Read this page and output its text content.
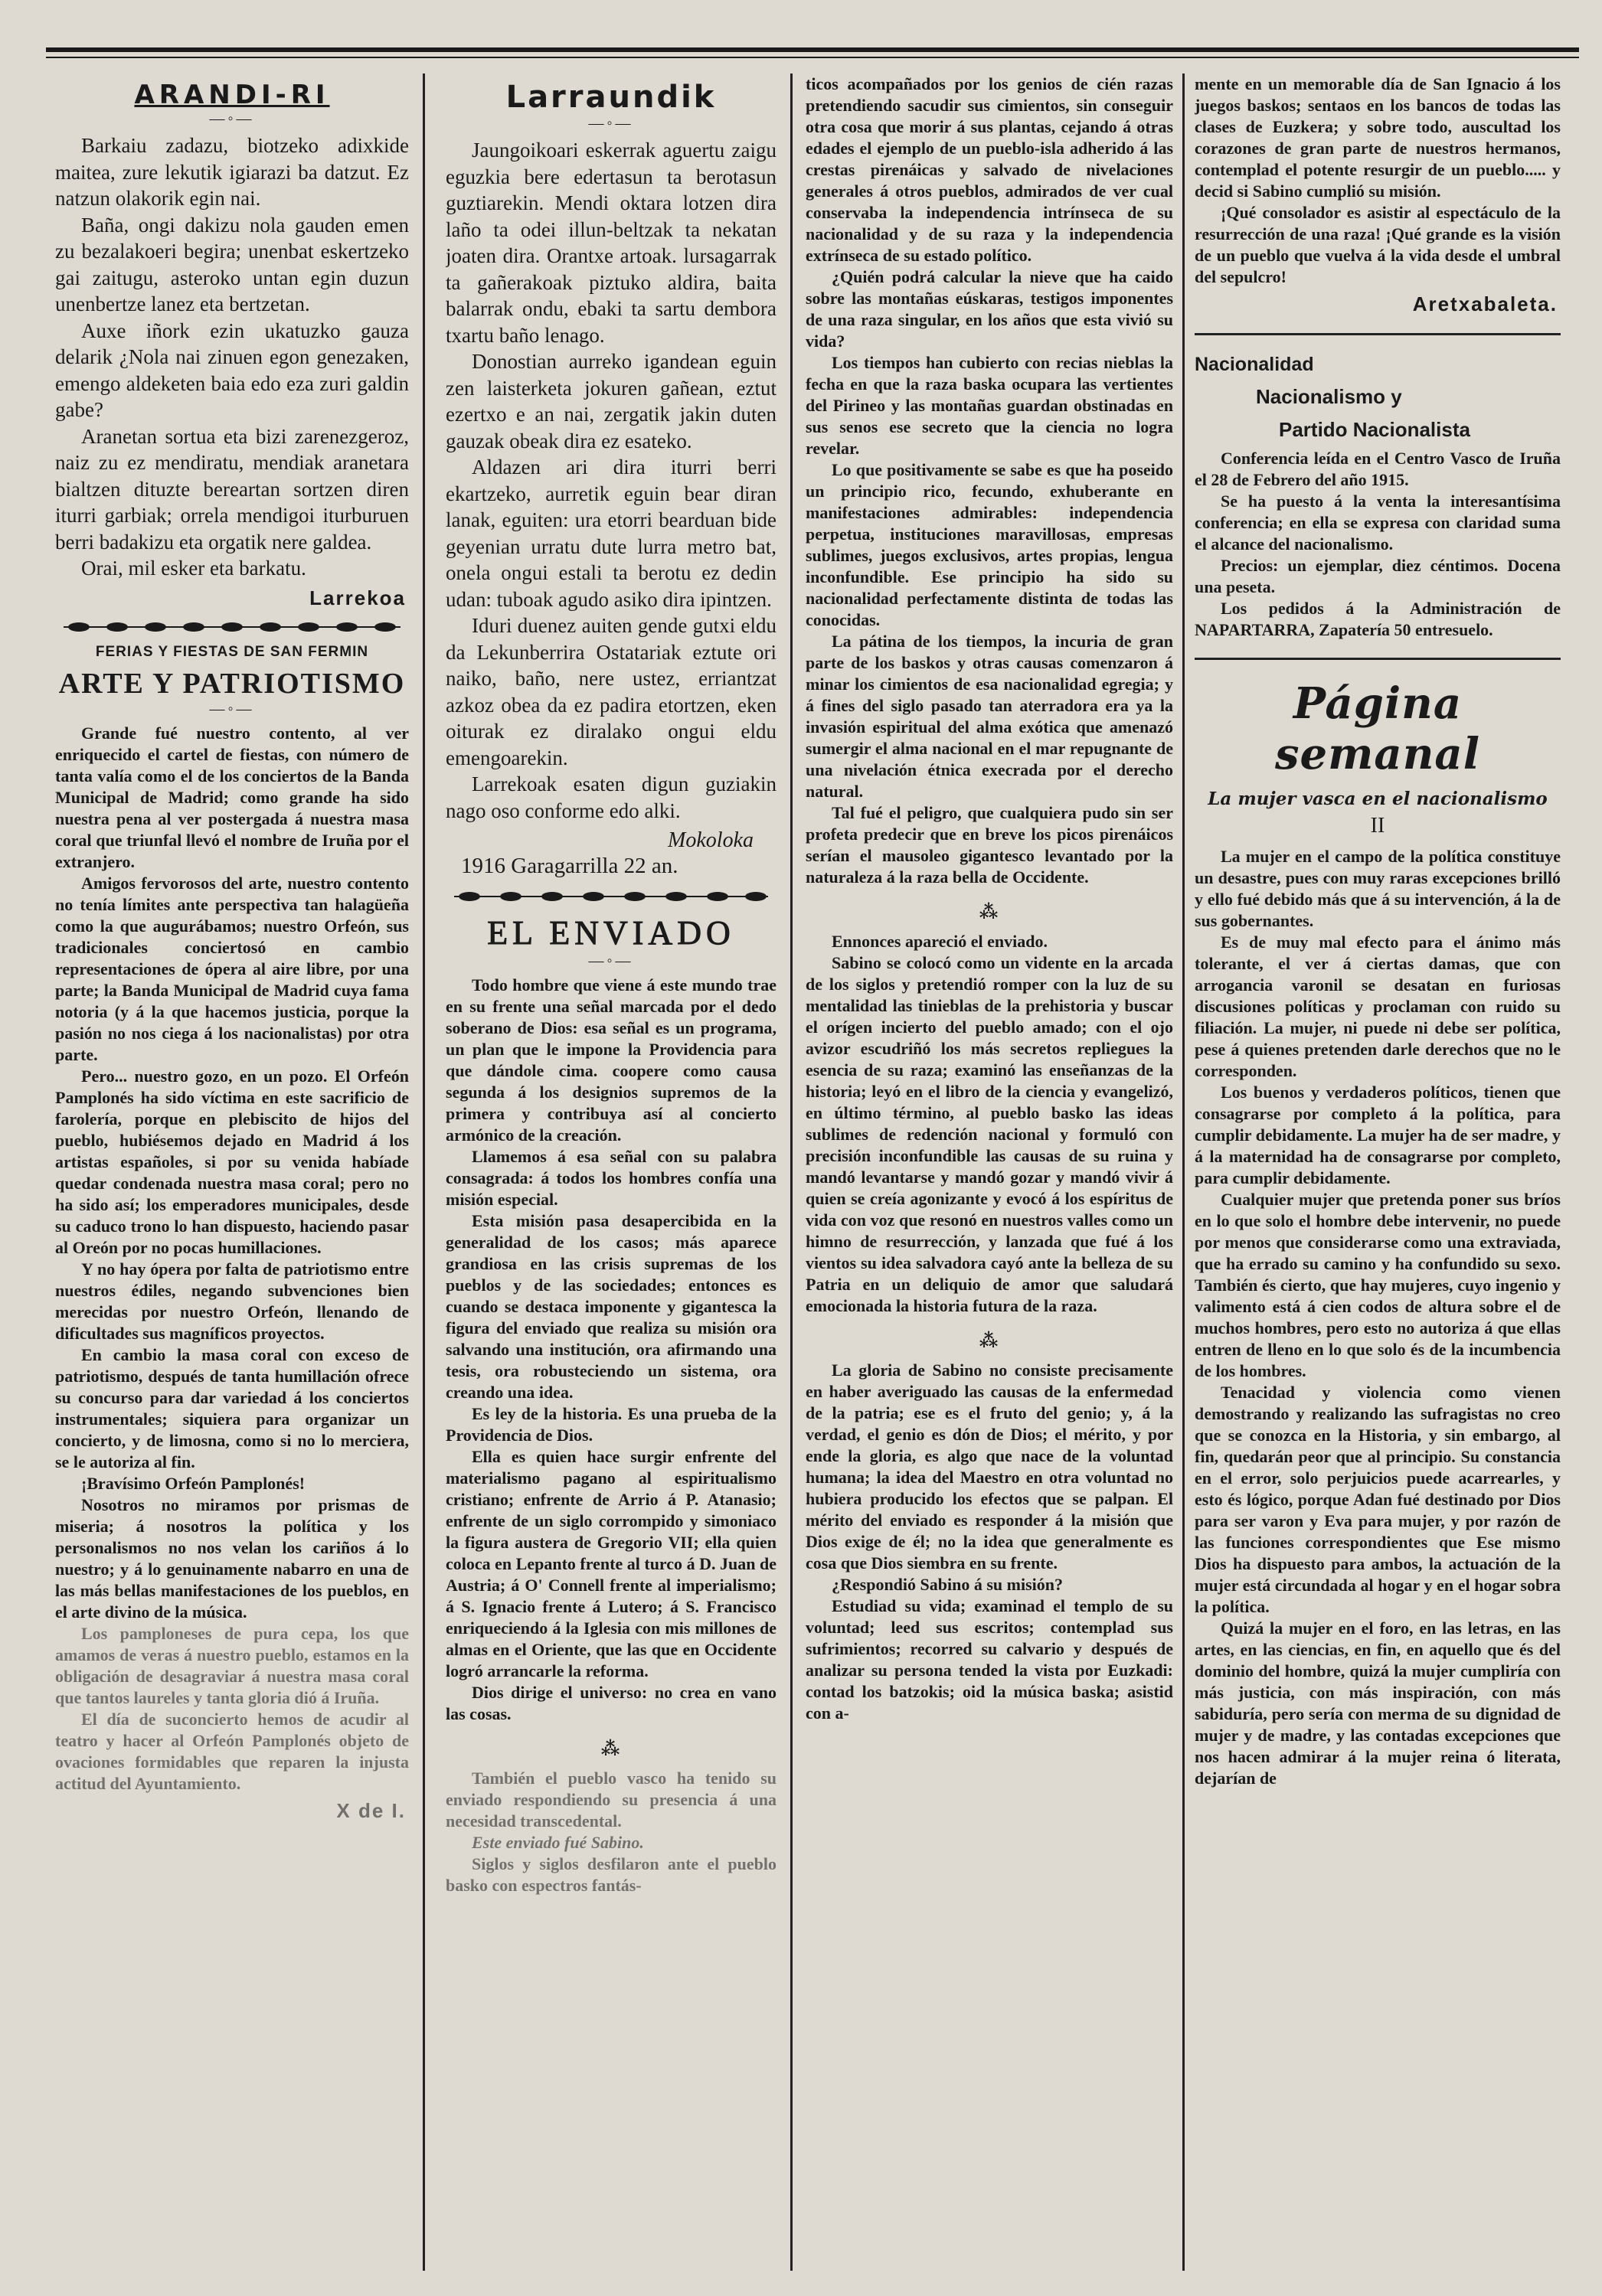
ARANDI-RI
—◦—

Barkaiu zadazu, biotzeko adixkide maitea, zure lekutik igiarazi ba datzut. Ez natzun olakorik egin nai.

Baña, ongi dakizu nola gauden emen zu bezalakoeri begira; unenbat eskertzeko gai zaitugu, asteroko untan egin duzun unenbertze lanez eta bertzetan.

Auxe iñork ezin ukatuzko gauza delarik ¿Nola nai zinuen egon genezaken, emengo aldeketen baia edo eza zuri galdin gabe?

Aranetan sortua eta bizi zarenezgeroz, naiz zu ez mendiratu, mendiak aranetara bialtzen dituzte bereartan sortzen diren iturri garbiak; orrela mendigoi iturburuen berri badakizu eta orgatik nere galdea.

Orai, mil esker eta barkatu.

Larrekoa
FERIAS Y FIESTAS DE SAN FERMIN
ARTE Y PATRIOTISMO
—◦—

Grande fué nuestro contento, al ver enriquecido el cartel de fiestas, con número de tanta valía como el de los conciertos de la Banda Municipal de Madrid; como grande ha sido nuestra pena al ver postergada á nuestra masa coral que triunfal llevó el nombre de Iruña por el extranjero.

Amigos fervorosos del arte, nuestro contento no tenía límites ante perspectiva tan halagüeña como la que augurábamos; nuestro Orfeón, sus tradicionales conciertosó en cambio representaciones de ópera al aire libre, por una parte; la Banda Municipal de Madrid cuya fama notoria (y á la que hacemos justicia, porque la pasión no nos ciega á los nacionalistas) por otra parte.

Pero... nuestro gozo, en un pozo. El Orfeón Pamplonés ha sido víctima en este sacrificio de farolería, porque en plebiscito de hijos del pueblo, hubiésemos dejado en Madrid á los artistas españoles, si por su venida habíade quedar condenada nuestra masa coral; pero no ha sido así; los emperadores municipales, desde su caduco trono lo han dispuesto, haciendo pasar al Oreón por no pocas humillaciones.

Y no hay ópera por falta de patriotismo entre nuestros édiles, negando subvenciones bien merecidas por nuestro Orfeón, llenando de dificultades sus magníficos proyectos.

En cambio la masa coral con exceso de patriotismo, después de tanta humillación ofrece su concurso para dar variedad á los conciertos instrumentales; siquiera para organizar un concierto, y de limosna, como si no lo merciera, se le autoriza al fin.

¡Bravísimo Orfeón Pamplonés!

Nosotros no miramos por prismas de miseria; á nosotros la política y los personalismos no nos velan los cariños á lo nuestro; y á lo genuinamente nabarro en una de las más bellas manifestaciones de los pueblos, en el arte divino de la música.

Los pamploneses de pura cepa, los que amamos de veras á nuestro pueblo, estamos en la obligación de desagraviar á nuestra masa coral que tantos laureles y tanta gloria dió á Iruña.

El día de suconcierto hemos de acudir al teatro y hacer al Orfeón Pamplonés objeto de ovaciones formidables que reparen la injusta actitud del Ayuntamiento.

X de I.
Larraundik
—◦—

Jaungoikoari eskerrak aguertu zaigu eguzkia bere edertasun ta berotasun guztiarekin. Mendi oktara lotzen dira laño ta odei illun-beltzak ta nekatan joaten dira. Orantxe artoak. lursagarrak ta gañerakoak piztuko aldira, baita balarrak ondu, ebaki ta sartu dembora txartu baño lenago.

Donostian aurreko igandean eguin zen laisterketa jokuren gañean, eztut ezertxo e an nai, zergatik jakin duten gauzak obeak dira ez esateko.

Aldazen ari dira iturri berri ekartzeko, aurretik eguin bear diran lanak, eguiten: ura etorri bearduan bide geyenian urratu dute lurra metro bat, onela ongui estali ta berotu ez dedin udan: tuboak agudo asiko dira ipintzen.

Iduri duenez auiten gende gutxi eldu da Lekunberrira Ostatariak eztute ori naiko, baño, nere ustez, erriantzat azkoz obea da ez padira etortzen, eken oiturak ez diralako ongui eldu emengoarekin.

Larrekoak esaten digun guziakin nago oso conforme edo alki.

Mokoloka

1916 Garagarrilla 22 an.

EL ENVIADO
—◦—

Todo hombre que viene á este mundo trae en su frente una señal marcada por el dedo soberano de Dios: esa señal es un programa, un plan que le impone la Providencia para que dándole cima. coopere como causa segunda á los designios supremos de la primera y contribuya así al concierto armónico de la creación.

Llamemos á esa señal con su palabra consagrada: á todos los hombres confía una misión especial.

Esta misión pasa desapercibida en la generalidad de los casos; más aparece grandiosa en las crisis supremas de los pueblos y de las sociedades; entonces es cuando se destaca imponente y gigantesca la figura del enviado que realiza su misión ora salvando una institución, ora afirmando una tesis, ora robusteciendo un sistema, ora creando una idea.

Es ley de la historia. Es una prueba de la Providencia de Dios.

Ella es quien hace surgir enfrente del materialismo pagano al espiritualismo cristiano; enfrente de Arrio á P. Atanasio; enfrente de un siglo corrompido y simoniaco la figura austera de Gregorio VII; ella quien coloca en Lepanto frente al turco á D. Juan de Austria; á O' Connell frente al imperialismo; á S. Ignacio frente á Lutero; á S. Francisco enriqueciendo á la Iglesia con mis millones de almas en el Oriente, que las que en Occidente logró arrancarle la reforma.

Dios dirige el universo: no crea en vano las cosas.

⁂

También el pueblo vasco ha tenido su enviado respondiendo su presencia á una necesidad transcedental.

Este enviado fué Sabino.

Siglos y siglos desfilaron ante el pueblo basko con espectros fantás-

ticos acompañados por los genios de cién razas pretendiendo sacudir sus cimientos, sin conseguir otra cosa que morir á sus plantas, cejando á otras edades el ejemplo de un pueblo-isla adherido á las crestas pirenáicas y salvado de nivelaciones generales á otros pueblos, admirados de ver cual conservaba la independencia intrínseca de su nacionalidad y de su raza y la independencia extrínseca de su estado político.

¿Quién podrá calcular la nieve que ha caido sobre las montañas eúskaras, testigos imponentes de una raza singular, en los años que esta vivió su vida?

Los tiempos han cubierto con recias nieblas la fecha en que la raza baska ocupara las vertientes del Pirineo y las montañas guardan obstinadas en sus senos ese secreto que la ciencia no logra revelar.

Lo que positivamente se sabe es que ha poseido un principio rico, fecundo, exhuberante en manifestaciones admirables: independencia perpetua, instituciones maravillosas, empresas sublimes, juegos exclusivos, artes propias, lengua inconfundible. Ese principio ha sido su nacionalidad perfectamente distinta de todas las conocidas.

La pátina de los tiempos, la incuria de gran parte de los baskos y otras causas comenzaron á minar los cimientos de esa nacionalidad egregia; y á fines del siglo pasado tan aterradora era ya la invasión espiritual del alma exótica que amenazó sumergir el alma nacional en el mar repugnante de una nivelación étnica execrada por el derecho natural.

Tal fué el peligro, que cualquiera pudo sin ser profeta predecir que en breve los picos pirenáicos serían el mausoleo gigantesco levantado por la naturaleza á la raza bella de Occidente.

⁂

Ennonces apareció el enviado.

Sabino se colocó como un vidente en la arcada de los siglos y pretendió romper con la luz de su mentalidad las tinieblas de la prehistoria y buscar el orígen incierto del pueblo amado; con el ojo avizor escudriñó los más secretos repliegues la esencia de su raza; examinó las enseñanzas de la historia; leyó en el libro de la ciencia y evangelizó, en último término, al pueblo basko las ideas sublimes de redención nacional y formuló con precisión inconfundible las causas de su ruina y mandó levantarse y mandó gozar y mandó vivir á quien se creía agonizante y evocó á los espíritus de vida con voz que resonó en nuestros valles como un himno de resurrección, y lanzada que fué á los vientos su idea salvadora cayó ante la belleza de su Patria en un deliquio de amor que saludará emocionada la historia futura de la raza.

⁂

La gloria de Sabino no consiste precisamente en haber averiguado las causas de la enfermedad de la patria; ese es el fruto del genio; y, á la verdad, el genio es dón de Dios; el mérito, y por ende la gloria, es algo que nace de la voluntad humana; la idea del Maestro en otra voluntad no hubiera producido los efectos que se palpan. El mérito del enviado es responder á la misión que Dios exige de él; no la idea que generalmente es cosa que Dios siembra en su frente.

¿Respondió Sabino á su misión?

Estudiad su vida; examinad el templo de su voluntad; leed sus escritos; contemplad sus sufrimientos; recorred su calvario y después de analizar su persona tended la vista por Euzkadi: contad los batzokis; oid la música baska; asistid con a-

mente en un memorable día de San Ignacio á los juegos baskos; sentaos en los bancos de todas las clases de Euzkera; y sobre todo, auscultad los corazones de gran parte de nuestros hermanos, contemplad el potente resurgir de un pueblo..... y decid si Sabino cumplió su misión.

¡Qué consolador es asistir al espectáculo de la resurrección de una raza! ¡Qué grande es la visión de un pueblo que vuelva á la vida desde el umbral del sepulcro!

Aretxabaleta.
Nacionalidad
Nacionalismo y
Partido Nacionalista

Conferencia leída en el Centro Vasco de Iruña el 28 de Febrero del año 1915.

Se ha puesto á la venta la interesantísima conferencia; en ella se expresa con claridad suma el alcance del nacionalismo.

Precios: un ejemplar, diez céntimos. Docena una peseta.

Los pedidos á la Administración de NAPARTARRA, Zapatería 50 entresuelo.

Página semanal
La mujer vasca en el nacionalismo
II

La mujer en el campo de la política constituye un desastre, pues con muy raras excepciones brilló y ello fué debido más que á su intervención, á la de sus gobernantes.

Es de muy mal efecto para el ánimo más tolerante, el ver á ciertas damas, que con arrogancia varonil se desatan en furiosas discusiones políticas y proclaman con ruido su filiación. La mujer, ni puede ni debe ser política, pese á quienes pretenden darle derechos que no le corresponden.

Los buenos y verdaderos políticos, tienen que consagrarse por completo á la política, para cumplir debidamente. La mujer ha de ser madre, y á la maternidad ha de consagrarse por completo, para cumplir debidamente.

Cualquier mujer que pretenda poner sus bríos en lo que solo el hombre debe intervenir, no puede por menos que considerarse como una extraviada, que ha errado su camino y ha confundido su sexo. También és cierto, que hay mujeres, cuyo ingenio y valimento está á cien codos de altura sobre el de muchos hombres, pero esto no autoriza á que ellas entren de lleno en lo que solo és de la incumbencia de los hombres.

Tenacidad y violencia como vienen demostrando y realizando las sufragistas no creo que se conozca en la Historia, y sin embargo, al fin, quedarán peor que al principio. Su constancia en el error, solo perjuicios puede acarrearles, y esto és lógico, porque Adan fué destinado por Dios para ser varon y Eva para mujer, y por razón de las funciones correspondientes que Ese mismo Dios ha dispuesto para ambos, la actuación de la mujer está circundada al hogar y en el hogar sobra la política.

Quizá la mujer en el foro, en las letras, en las artes, en las ciencias, en fin, en aquello que és del dominio del hombre, quizá la mujer cumpliría con más justicia, con más inspiración, con más sabiduría, pero sería con merma de su dignidad de mujer y de madre, y las contadas excepciones que nos hacen admirar á la mujer reina ó literata, dejarían de
